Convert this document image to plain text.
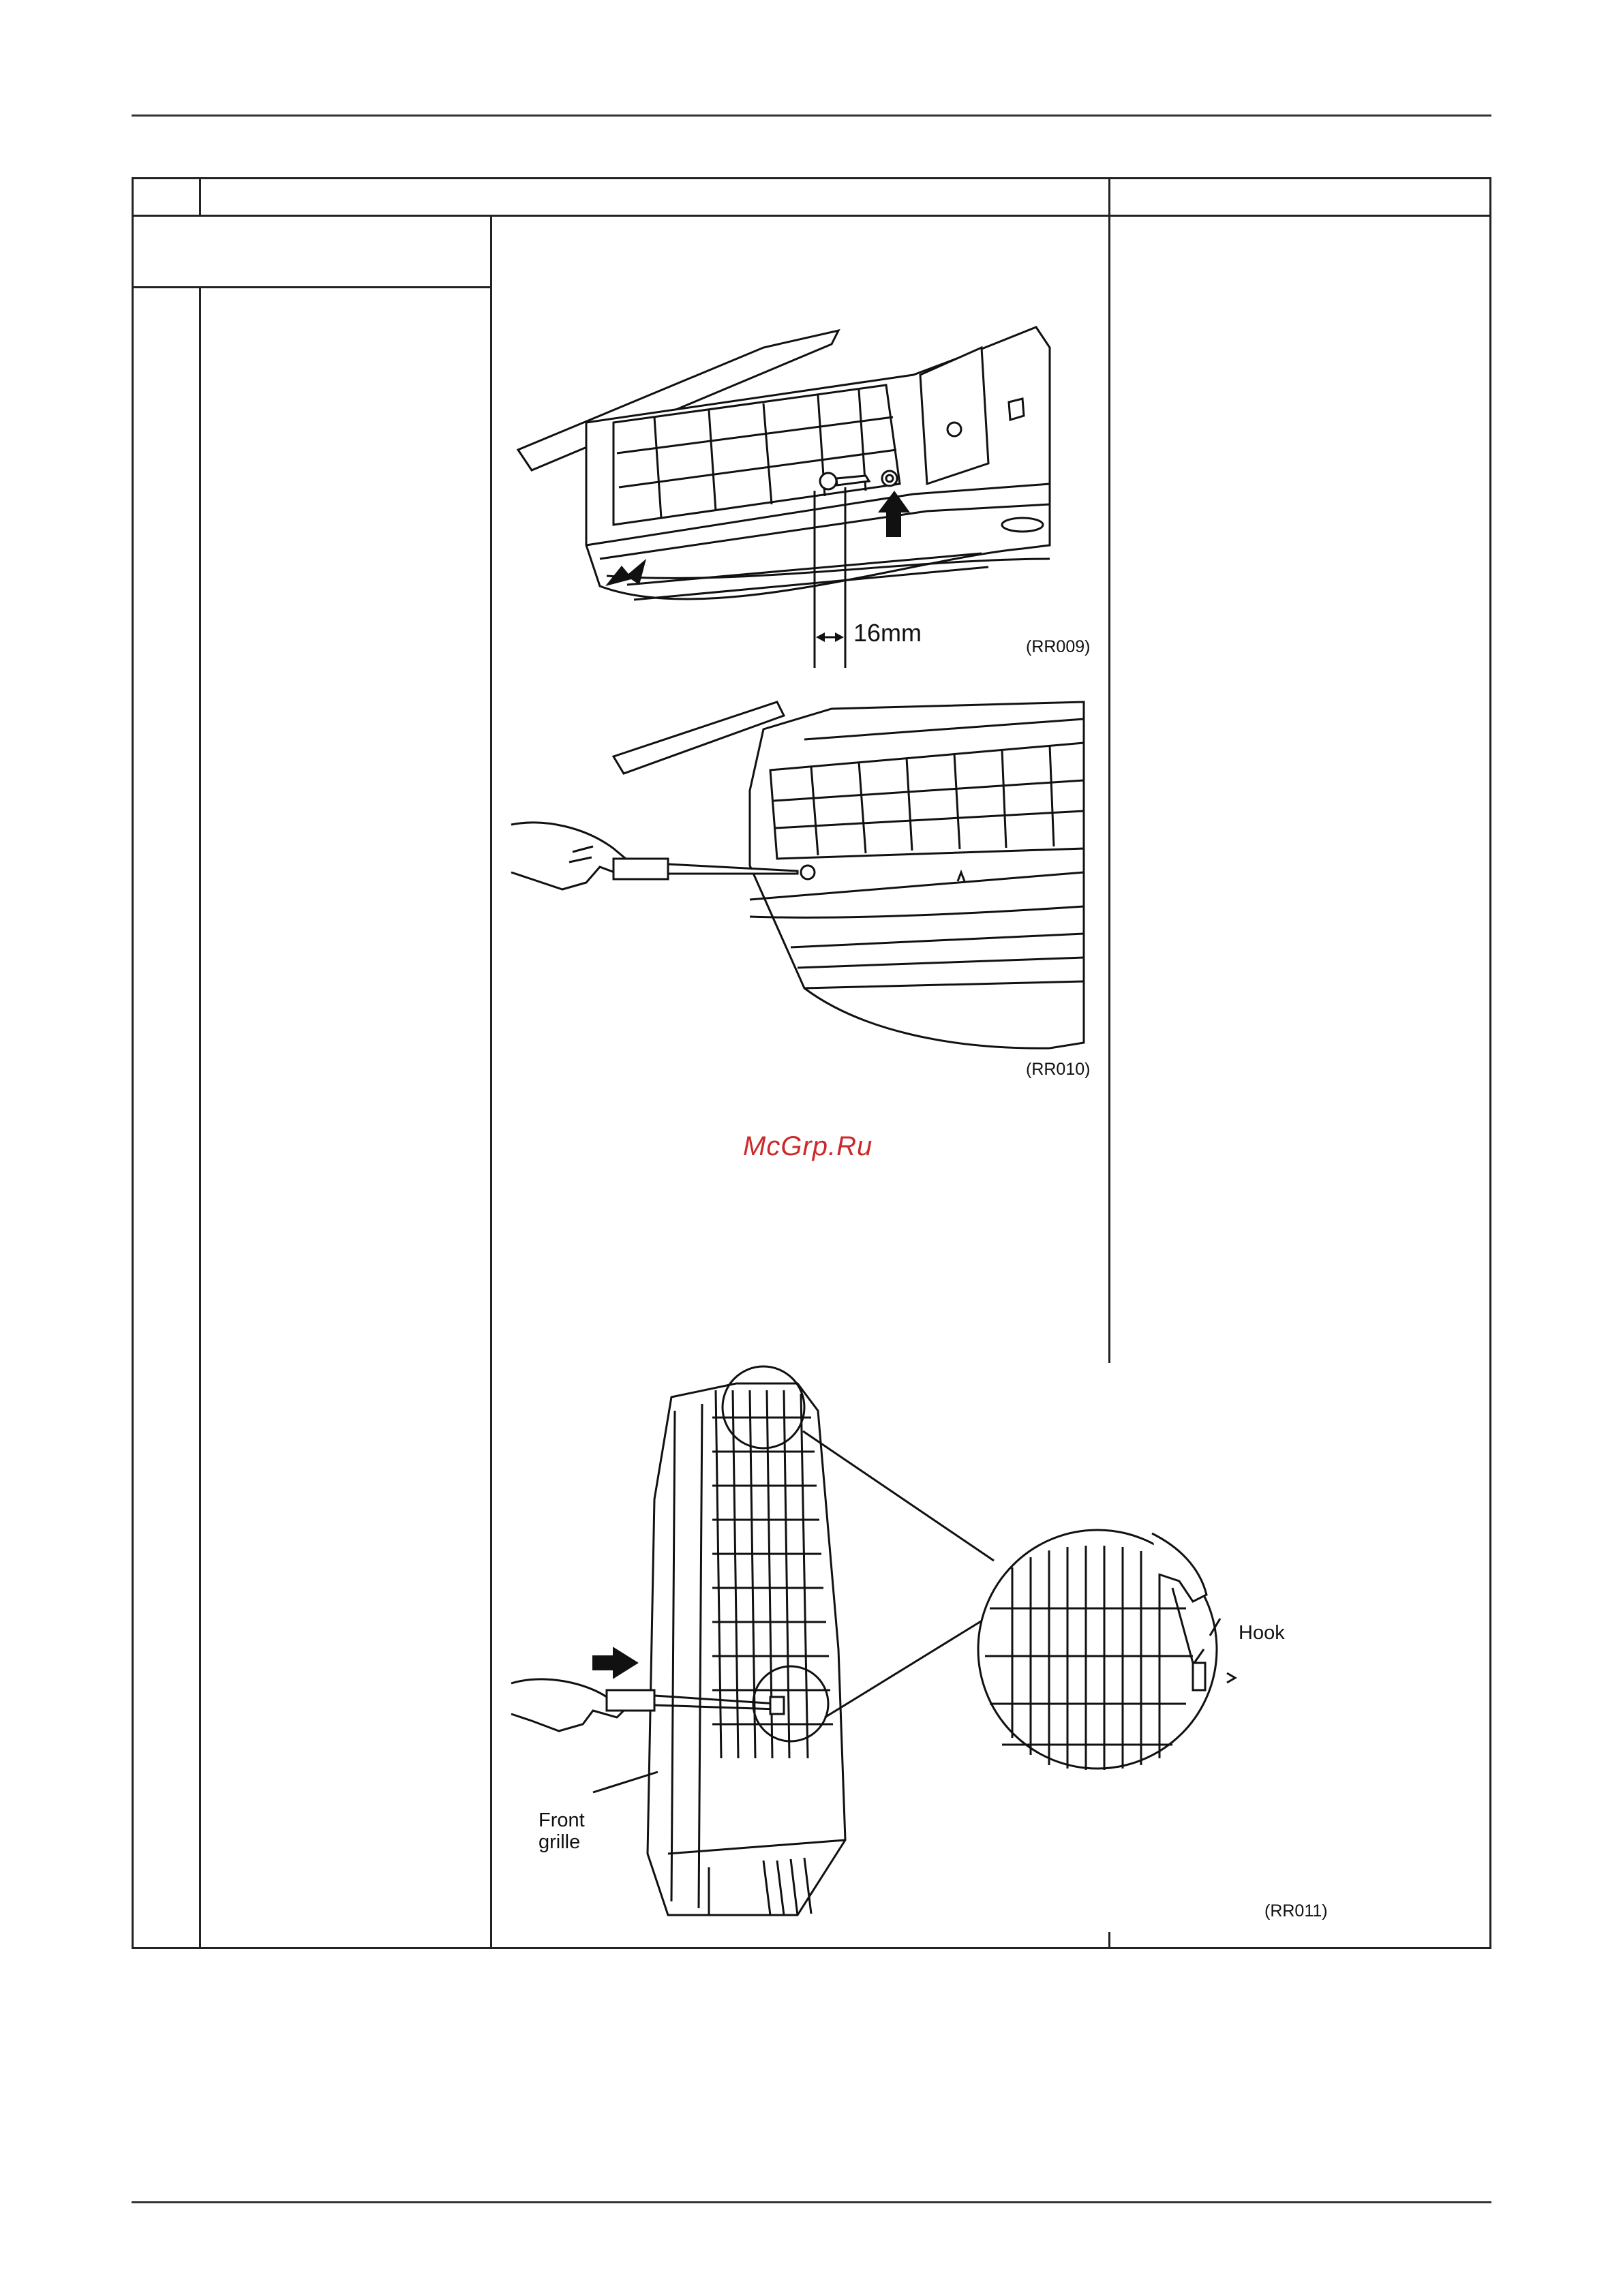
16mm	(RR009)
(RR010)
McGrp.Ru
Hook
Front
grille
(RR011)
